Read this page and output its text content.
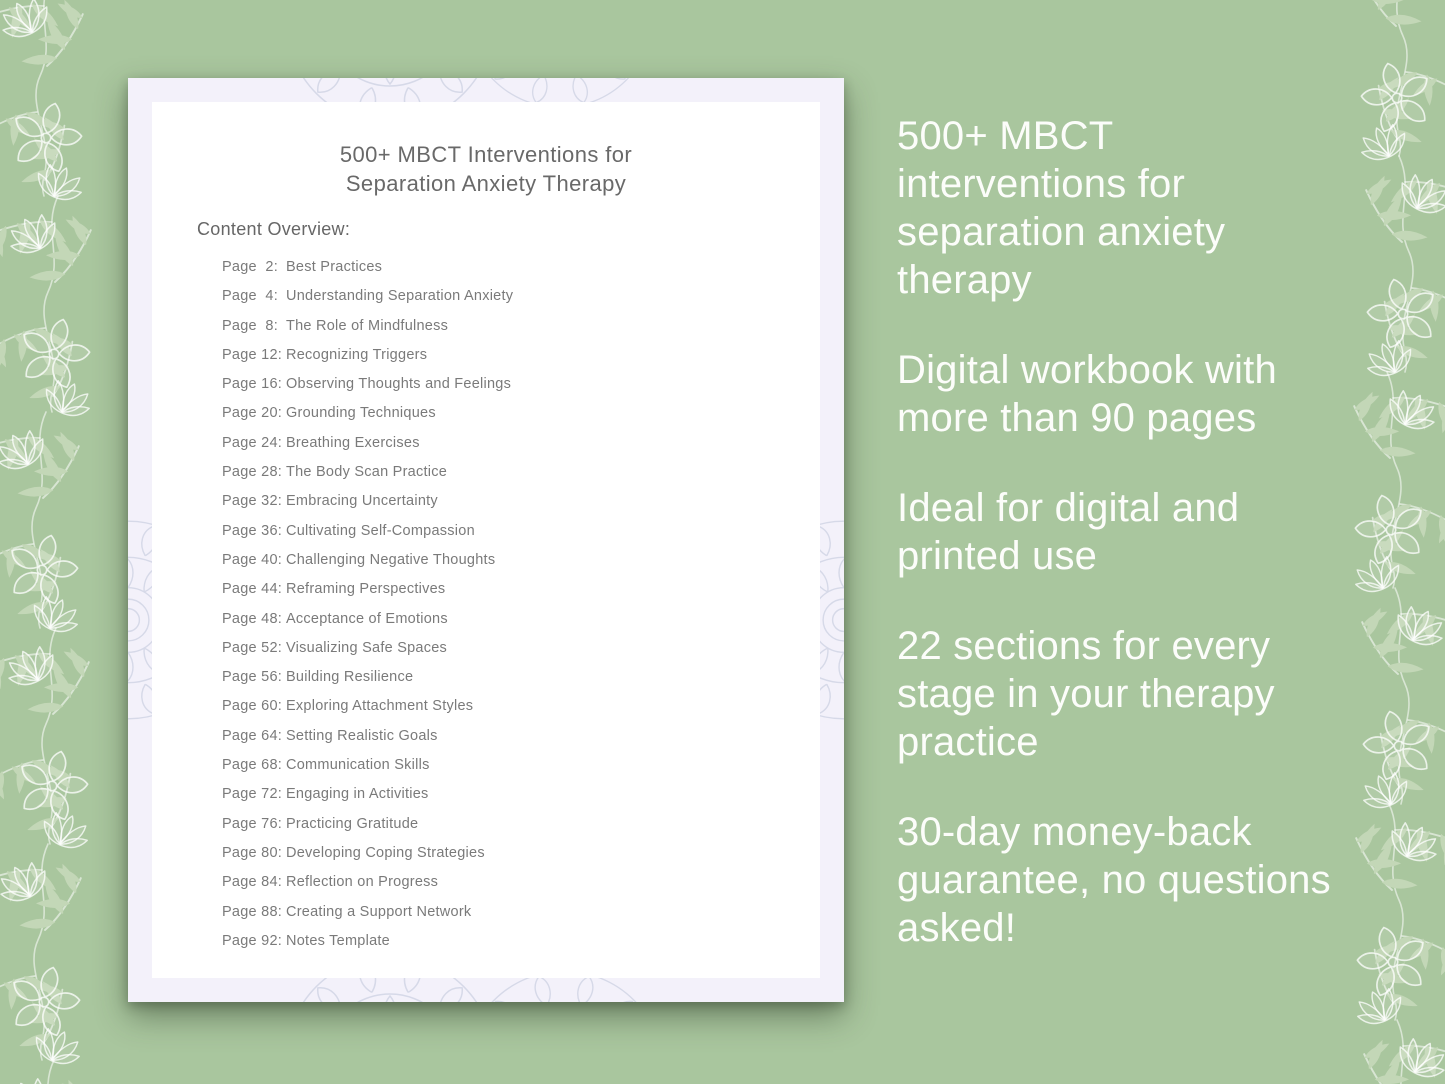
500+ MBCT Interventions for
Separation Anxiety Therapy
Content Overview:
Page  2: Best Practices
Page  4: Understanding Separation Anxiety
Page  8: The Role of Mindfulness
Page 12: Recognizing Triggers
Page 16: Observing Thoughts and Feelings
Page 20: Grounding Techniques
Page 24: Breathing Exercises
Page 28: The Body Scan Practice
Page 32: Embracing Uncertainty
Page 36: Cultivating Self-Compassion
Page 40: Challenging Negative Thoughts
Page 44: Reframing Perspectives
Page 48: Acceptance of Emotions
Page 52: Visualizing Safe Spaces
Page 56: Building Resilience
Page 60: Exploring Attachment Styles
Page 64: Setting Realistic Goals
Page 68: Communication Skills
Page 72: Engaging in Activities
Page 76: Practicing Gratitude
Page 80: Developing Coping Strategies
Page 84: Reflection on Progress
Page 88: Creating a Support Network
Page 92: Notes Template

500+ MBCT interventions for separation anxiety therapy

Digital workbook with more than 90 pages

Ideal for digital and printed use

22 sections for every stage in your therapy practice

30-day money-back guarantee, no questions asked!
